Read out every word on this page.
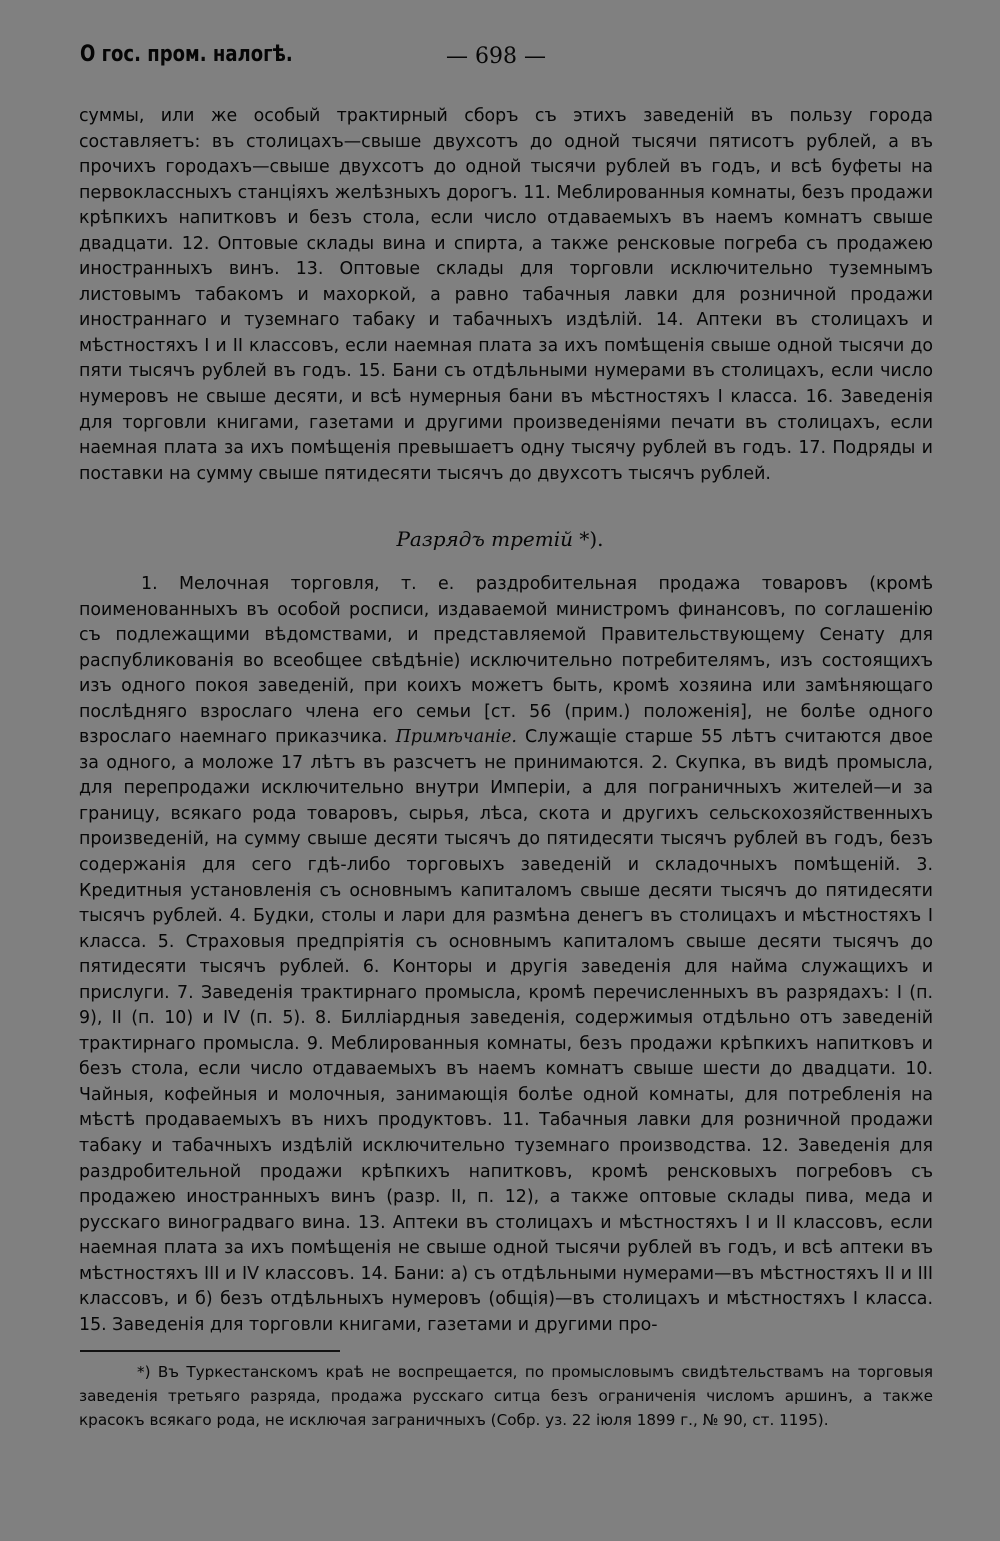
О гос. пром. налогѣ.	— 698 —

суммы, или же особый трактирный сборъ съ этихъ заведеній въ пользу города составляетъ: въ столицахъ—свыше двухсотъ до одной тысячи пятисотъ рублей, а въ прочихъ городахъ—свыше двухсотъ до одной тысячи рублей въ годъ, и всѣ буфеты на первоклассныхъ станціяхъ желѣзныхъ дорогъ. 11. Меблированныя комнаты, безъ продажи крѣпкихъ напитковъ и безъ стола, если число отдаваемыхъ въ наемъ комнатъ свыше двадцати. 12. Оптовые склады вина и спирта, а также ренсковые погреба съ продажею иностранныхъ винъ. 13. Оптовые склады для торговли исключительно туземнымъ листовымъ табакомъ и махоркой, а равно табачныя лавки для розничной продажи иностраннаго и туземнаго табаку и табачныхъ издѣлій. 14. Аптеки въ столицахъ и мѣстностяхъ I и II классовъ, если наемная плата за ихъ помѣщенія свыше одной тысячи до пяти тысячъ рублей въ годъ. 15. Бани съ отдѣльными нумерами въ столицахъ, если число нумеровъ не свыше десяти, и всѣ нумерныя бани въ мѣстностяхъ I класса. 16. Заведенія для торговли книгами, газетами и другими произведеніями печати въ столицахъ, если наемная плата за ихъ помѣщенія превышаетъ одну тысячу рублей въ годъ. 17. Подряды и поставки на сумму свыше пятидесяти тысячъ до двухсотъ тысячъ рублей.

Разрядъ третій *).

1. Мелочная торговля, т. е. раздробительная продажа товаровъ (кромѣ поименованныхъ въ особой росписи, издаваемой министромъ финансовъ, по соглашенію съ подлежащими вѣдомствами, и представляемой Правительствующему Сенату для распубликованія во всеобщее свѣдѣніе) исключительно потребителямъ, изъ состоящихъ изъ одного покоя заведеній, при коихъ можетъ быть, кромѣ хозяина или замѣняющаго послѣдняго взрослаго члена его семьи [ст. 56 (прим.) положенія], не болѣе одного взрослаго наемнаго приказчика. Примѣчаніе. Служащіе старше 55 лѣтъ считаются двое за одного, а моложе 17 лѣтъ въ разсчетъ не принимаются. 2. Скупка, въ видѣ промысла, для перепродажи исключительно внутри Имперіи, а для пограничныхъ жителей—и за границу, всякаго рода товаровъ, сырья, лѣса, скота и другихъ сельскохозяйственныхъ произведеній, на сумму свыше десяти тысячъ до пятидесяти тысячъ рублей въ годъ, безъ содержанія для сего гдѣ-либо торговыхъ заведеній и складочныхъ помѣщеній. 3. Кредитныя установленія съ основнымъ капиталомъ свыше десяти тысячъ до пятидесяти тысячъ рублей. 4. Будки, столы и лари для размѣна денегъ въ столицахъ и мѣстностяхъ I класса. 5. Страховыя предпріятія съ основнымъ капиталомъ свыше десяти тысячъ до пятидесяти тысячъ рублей. 6. Конторы и другія заведенія для найма служащихъ и прислуги. 7. Заведенія трактирнаго промысла, кромѣ перечисленныхъ въ разрядахъ: I (п. 9), II (п. 10) и IV (п. 5). 8. Билліардныя заведенія, содержимыя отдѣльно отъ заведеній трактирнаго промысла. 9. Меблированныя комнаты, безъ продажи крѣпкихъ напитковъ и безъ стола, если число отдаваемыхъ въ наемъ комнатъ свыше шести до двадцати. 10. Чайныя, кофейныя и молочныя, занимающія болѣе одной комнаты, для потребленія на мѣстѣ продаваемыхъ въ нихъ продуктовъ. 11. Табачныя лавки для розничной продажи табаку и табачныхъ издѣлій исключительно туземнаго производства. 12. Заведенія для раздробительной продажи крѣпкихъ напитковъ, кромѣ ренсковыхъ погребовъ съ продажею иностранныхъ винъ (разр. II, п. 12), а также оптовые склады пива, меда и русскаго виноградваго вина. 13. Аптеки въ столицахъ и мѣстностяхъ I и II классовъ, если наемная плата за ихъ помѣщенія не свыше одной тысячи рублей въ годъ, и всѣ аптеки въ мѣстностяхъ III и IV классовъ. 14. Бани: а) съ отдѣльными нумерами—въ мѣстностяхъ II и III классовъ, и б) безъ отдѣльныхъ нумеровъ (общія)—въ столицахъ и мѣстностяхъ I класса. 15. Заведенія для торговли книгами, газетами и другими про-

*) Въ Туркестанскомъ краѣ не воспрещается, по промысловымъ свидѣтельствамъ на торговыя заведенія третьяго разряда, продажа русскаго ситца безъ ограниченія числомъ аршинъ, а также красокъ всякаго рода, не исключая заграничныхъ (Собр. уз. 22 іюля 1899 г., № 90, ст. 1195).
